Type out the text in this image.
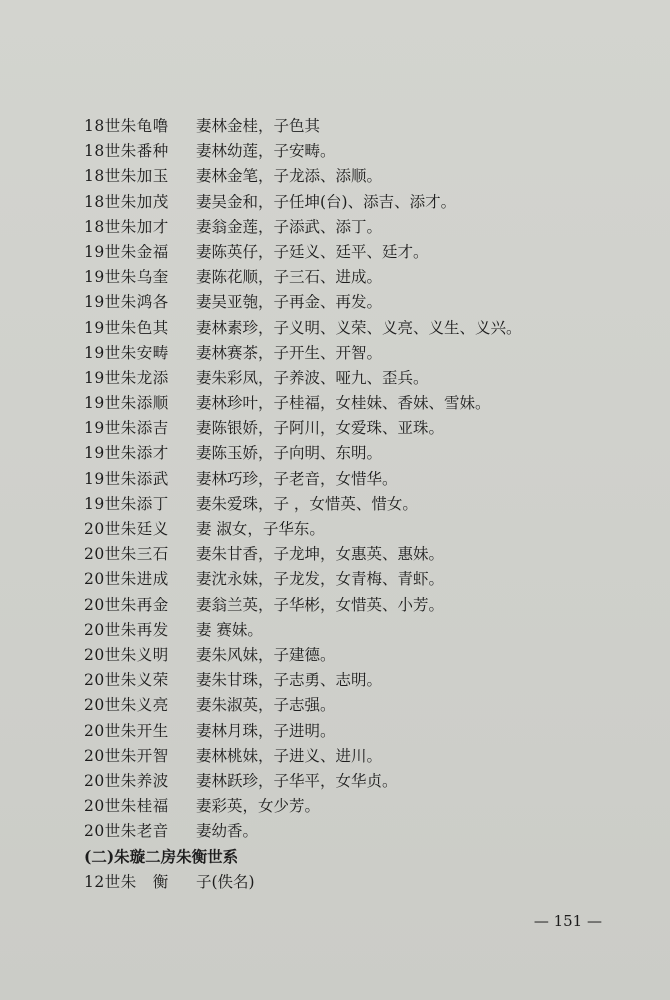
18世朱龟噜 妻林金桂，子色其
18世朱番种 妻林幼莲，子安畴。
18世朱加玉 妻林金笔，子龙添、添顺。
18世朱加茂 妻吴金和，子任坤(台)、添吉、添才。
18世朱加才 妻翁金莲，子添武、添丁。
19世朱金福 妻陈英仔，子廷义、廷平、廷才。
19世朱乌奎 妻陈花顺，子三石、进成。
19世朱鸿各 妻吴亚匏，子再金、再发。
19世朱色其 妻林素珍，子义明、义荣、义亮、义生、义兴。
19世朱安畴 妻林赛茶，子开生、开智。
19世朱龙添 妻朱彩凤，子养波、哑九、歪兵。
19世朱添顺 妻林珍叶，子桂福，女桂妹、香妹、雪妹。
19世朱添吉 妻陈银娇，子阿川，女爱珠、亚珠。
19世朱添才 妻陈玉娇，子向明、东明。
19世朱添武 妻林巧珍，子老音，女惜华。
19世朱添丁 妻朱爱珠，子 ，女惜英、惜女。
20世朱廷义 妻 淑女，子华东。
20世朱三石 妻朱甘香，子龙坤，女惠英、惠妹。
20世朱进成 妻沈永妹，子龙发，女青梅、青虾。
20世朱再金 妻翁兰英，子华彬，女惜英、小芳。
20世朱再发 妻 赛妹。
20世朱义明 妻朱风妹，子建德。
20世朱义荣 妻朱甘珠，子志勇、志明。
20世朱义亮 妻朱淑英，子志强。
20世朱开生 妻林月珠，子进明。
20世朱开智 妻林桃妹，子进义、进川。
20世朱养波 妻林跃珍，子华平，女华贞。
20世朱桂福 妻彩英，女少芳。
20世朱老音 妻幼香。
(二)朱璇二房朱衡世系
12世朱　衡 子(佚名)
— 151 —
